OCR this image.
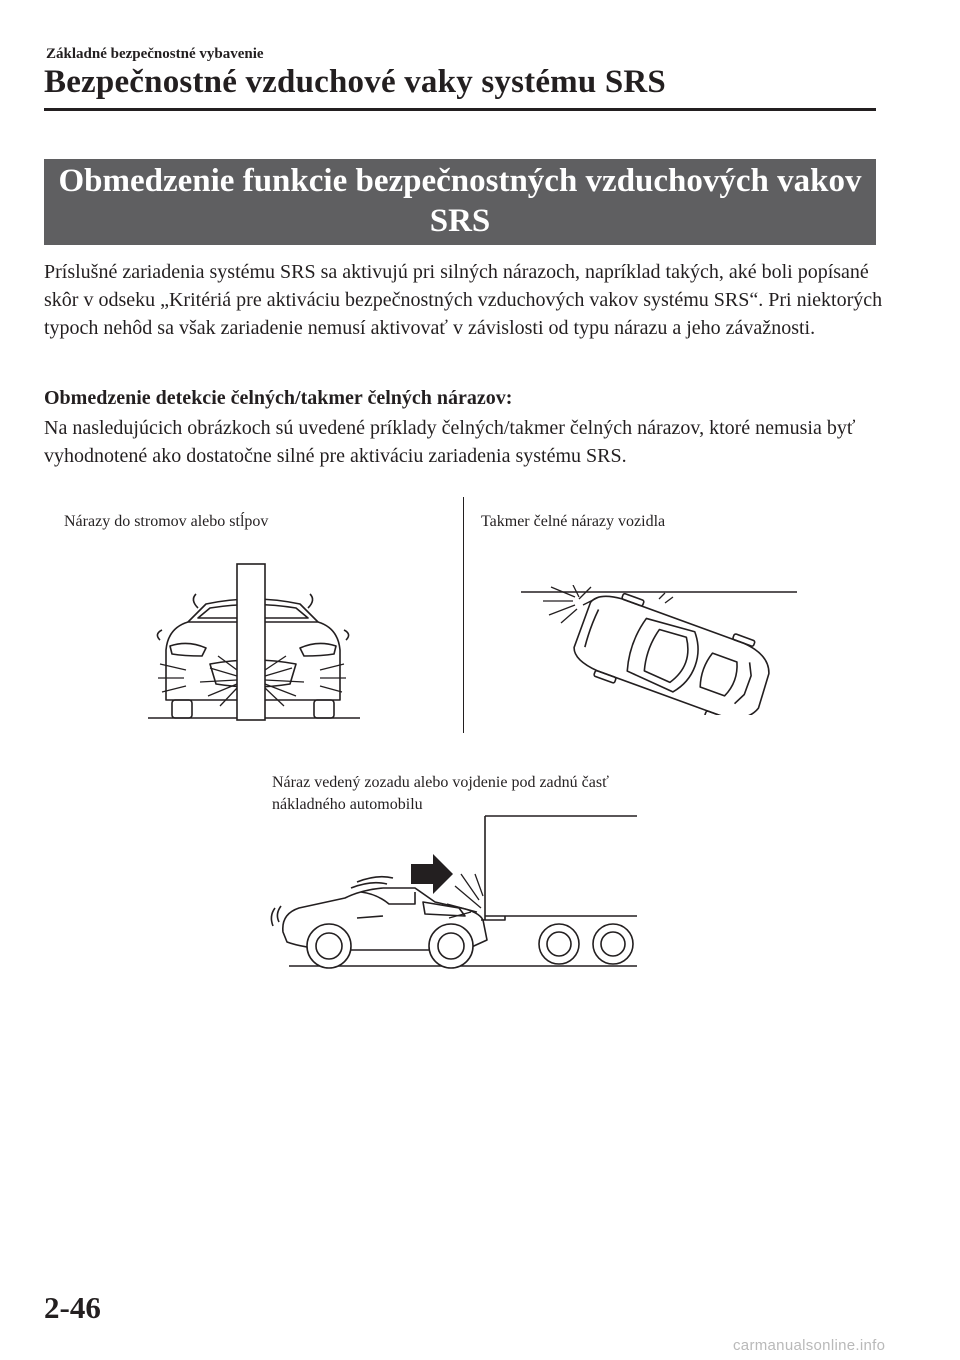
Základné bezpečnostné vybavenie
Bezpečnostné vzduchové vaky systému SRS
Obmedzenie funkcie bezpečnostných vzduchových vakov
SRS

Príslušné zariadenia systému SRS sa aktivujú pri silných nárazoch, napríklad takých, aké boli popísané skôr v odseku „Kritériá pre aktiváciu bezpečnostných vzduchových vakov systému SRS“. Pri niektorých typoch nehôd sa však zariadenie nemusí aktivovať v závislosti od typu nárazu a jeho závažnosti.

Obmedzenie detekcie čelných/takmer čelných nárazov:

Na nasledujúcich obrázkoch sú uvedené príklady čelných/takmer čelných nárazov, ktoré nemusia byť vyhodnotené ako dostatočne silné pre aktiváciu zariadenia systému SRS.

Nárazy do stromov alebo stĺpov	Takmer čelné nárazy vozidla
Náraz vedený zozadu alebo vojdenie pod zadnú časť nákladného automobilu
2-46
carmanualsonline.info
